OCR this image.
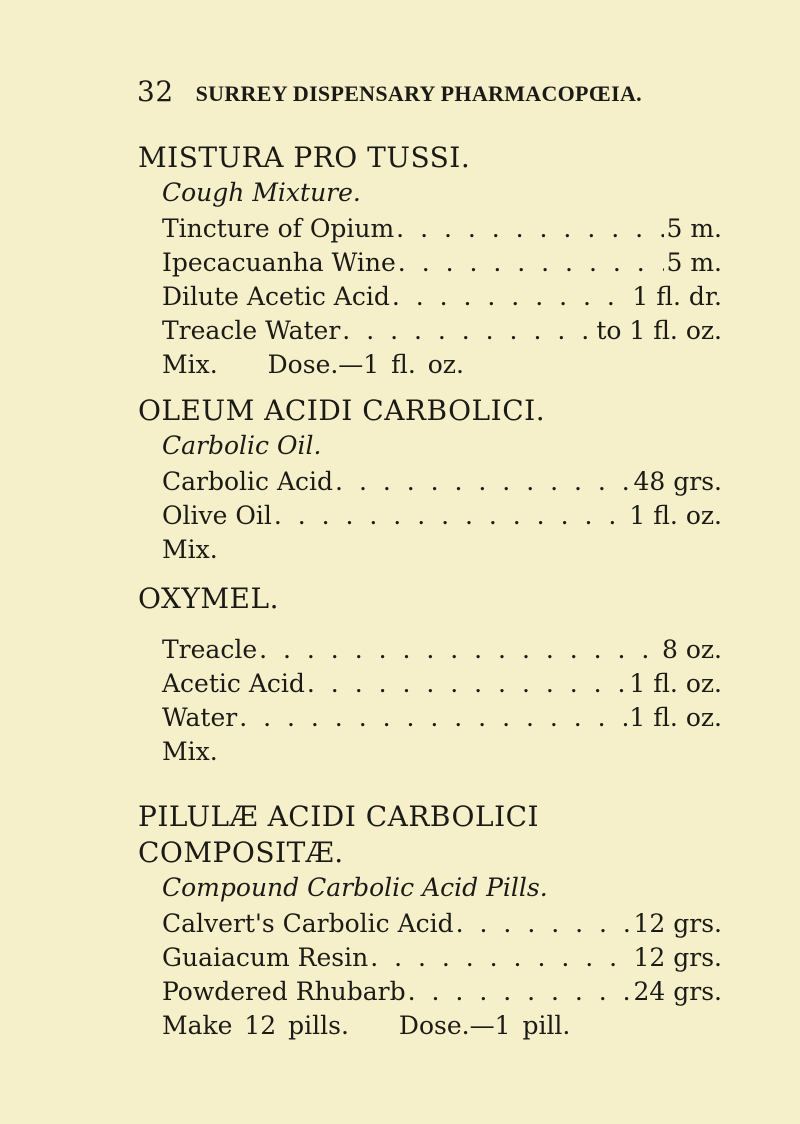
32 SURREY DISPENSARY PHARMACOPŒIA.
MISTURA PRO TUSSI.
Cough Mixture.
Tincture of Opium . . .	5 m.
Ipecacuanha Wine . . .	5 m.
Dilute Acetic Acid . . .	1 fl. dr.
Treacle Water . . .	to 1 fl. oz.
Mix. Dose.—1 fl. oz.
OLEUM ACIDI CARBOLICI.
Carbolic Oil.
Carbolic Acid . . .	48 grs.
Olive Oil . . .	1 fl. oz.
Mix.
OXYMEL.
Treacle . . .	8 oz.
Acetic Acid . . .	1 fl. oz.
Water . . .	1 fl. oz.
Mix.
PILULÆ ACIDI CARBOLICI COMPOSITÆ.
Compound Carbolic Acid Pills.
Calvert's Carbolic Acid . . .	12 grs.
Guaiacum Resin . . .	12 grs.
Powdered Rhubarb . . .	24 grs.
Make 12 pills. Dose.—1 pill.
